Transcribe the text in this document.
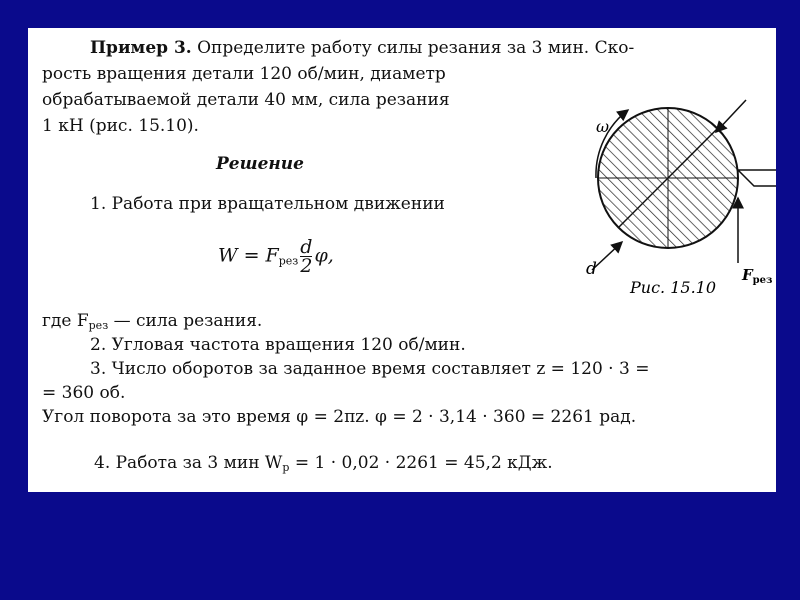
Пример 3. Определите работу силы резания за 3 мин. Ско-
рость вращения детали 120 об/мин, диаметр
обрабатываемой детали 40 мм, сила резания
1 кН (рис. 15.10).
Решение
1. Работа при вращательном движении
$W = F_{рез} \frac{d}{2} \varphi$,
где $F_{рез}$ — сила резания.
2. Угловая частота вращения 120 об/мин.
3. Число оборотов за заданное время составляет z = 120 · 3 =
= 360 об.
Угол поворота за это время φ = 2πz. φ = 2 · 3,14 · 360 = 2261 рад.
4. Работа за 3 мин $W_р = 1 \cdot 0,02 \cdot 2261 = 45,2$ кДж.
ω
d	$F_{рез}$
Рис. 15.10
